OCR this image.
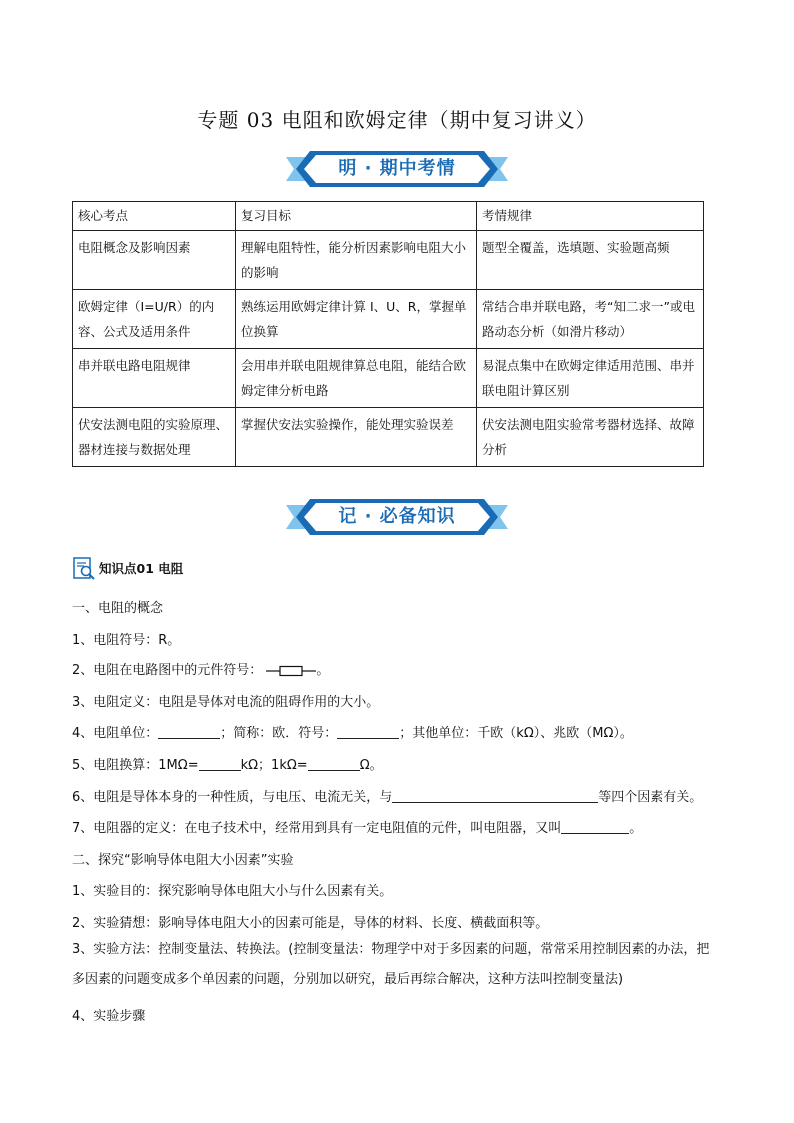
专题 03 电阻和欧姆定律（期中复习讲义）
明 · 期中考情
核心考点	复习目标	考情规律
电阻概念及影响因素	理解电阻特性，能分析因素影响电阻大小的影响	题型全覆盖，选填题、实验题高频
欧姆定律（I=U/R）的内容、公式及适用条件	熟练运用欧姆定律计算 I、U、R，掌握单位换算	常结合串并联电路，考“知二求一”或电路动态分析（如滑片移动）
串并联电路电阻规律	会用串并联电阻规律算总电阻，能结合欧姆定律分析电路	易混点集中在欧姆定律适用范围、串并联电阻计算区别
伏安法测电阻的实验原理、器材连接与数据处理	掌握伏安法实验操作，能处理实验误差	伏安法测电阻实验常考器材选择、故障分析
记 · 必备知识
知识点01 电阻
一、电阻的概念
1、电阻符号：R。
2、电阻在电路图中的元件符号：	。
3、电阻定义：电阻是导体对电流的阻碍作用的大小。
4、电阻单位：	；简称：欧．符号：	；其他单位：千欧（kΩ）、兆欧（MΩ）。
5、电阻换算：1MΩ=	kΩ；1kΩ=	Ω。
6、电阻是导体本身的一种性质，与电压、电流无关，与	等四个因素有关。
7、电阻器的定义：在电子技术中，经常用到具有一定电阻值的元件，叫电阻器，又叫	。
二、探究“影响导体电阻大小因素”实验
1、实验目的：探究影响导体电阻大小与什么因素有关。
2、实验猜想：影响导体电阻大小的因素可能是，导体的材料、长度、横截面积等。
3、实验方法：控制变量法、转换法。(控制变量法：物理学中对于多因素的问题，常常采用控制因素的办法，把多因素的问题变成多个单因素的问题，分别加以研究，最后再综合解决，这种方法叫控制变量法)
4、实验步骤
